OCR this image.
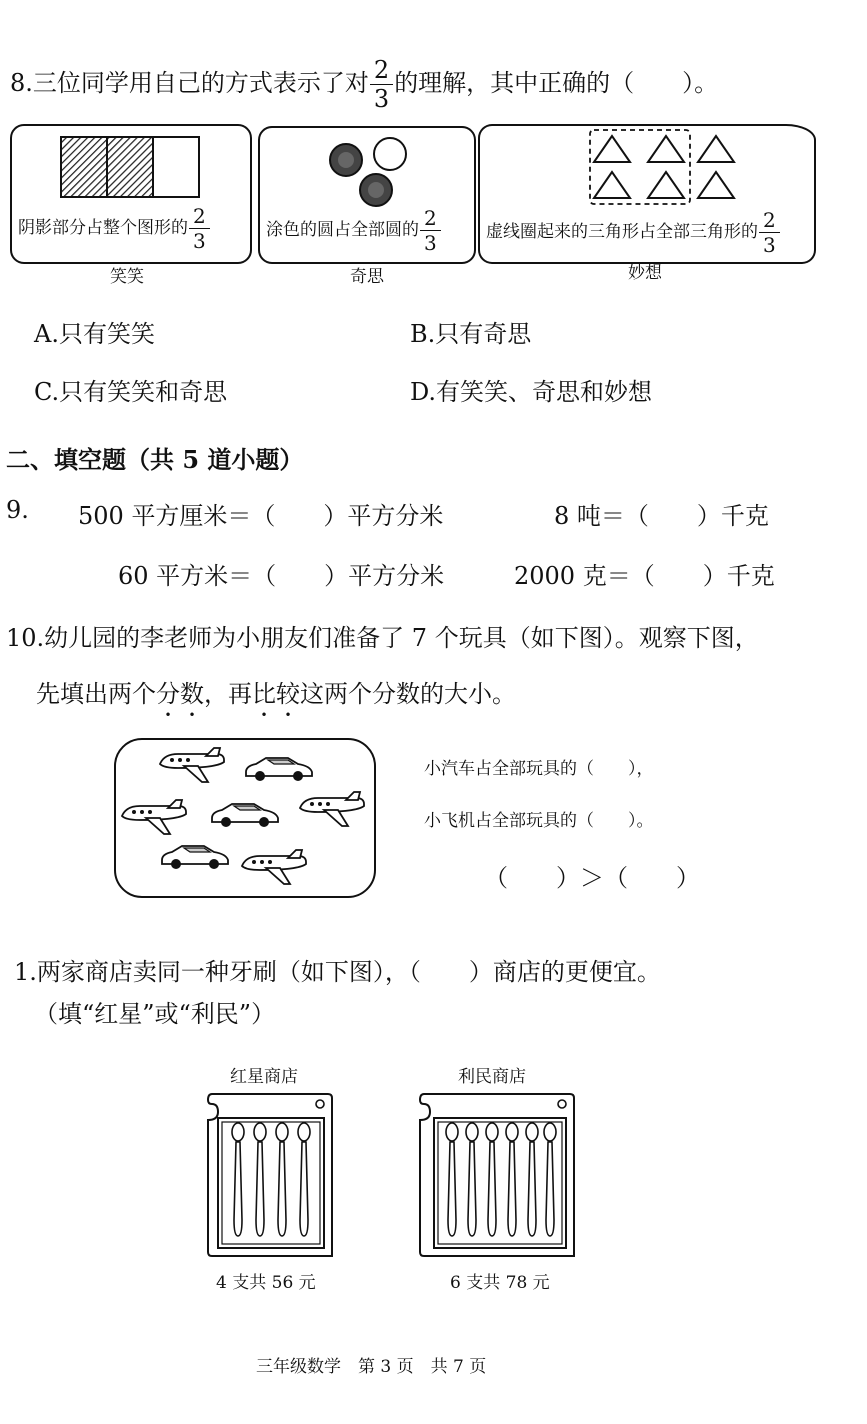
8.三位同学用自己的方式表示了对 $\frac{2}{3}$ 的理解，其中正确的（　　）。
阴影部分占整个图形的 $\frac{2}{3}$
笑笑
涂色的圆占全部圆的 $\frac{2}{3}$
奇思
虚线圈起来的三角形占全部三角形的 $\frac{2}{3}$
妙想
A.只有笑笑	B.只有奇思
C.只有笑笑和奇思	D.有笑笑、奇思和妙想
二、填空题（共 5 道小题）
9. 500 平方厘米＝（　　）平方分米	8 吨＝（　　）千克
60 平方米＝（　　）平方分米	2000 克＝（　　）千克
10.幼儿园的李老师为小朋友们准备了 7 个玩具（如下图）。观察下图，
先填出两个分数，再比较这两个分数的大小。
小汽车占全部玩具的（　　），
小飞机占全部玩具的（　　）。
（　　）＞（　　）
1.两家商店卖同一种牙刷（如下图），（　　）商店的更便宜。
（填“红星”或“利民”）
红星商店	利民商店
4 支共 56 元	6 支共 78 元
三年级数学　第 3 页　共 7 页
